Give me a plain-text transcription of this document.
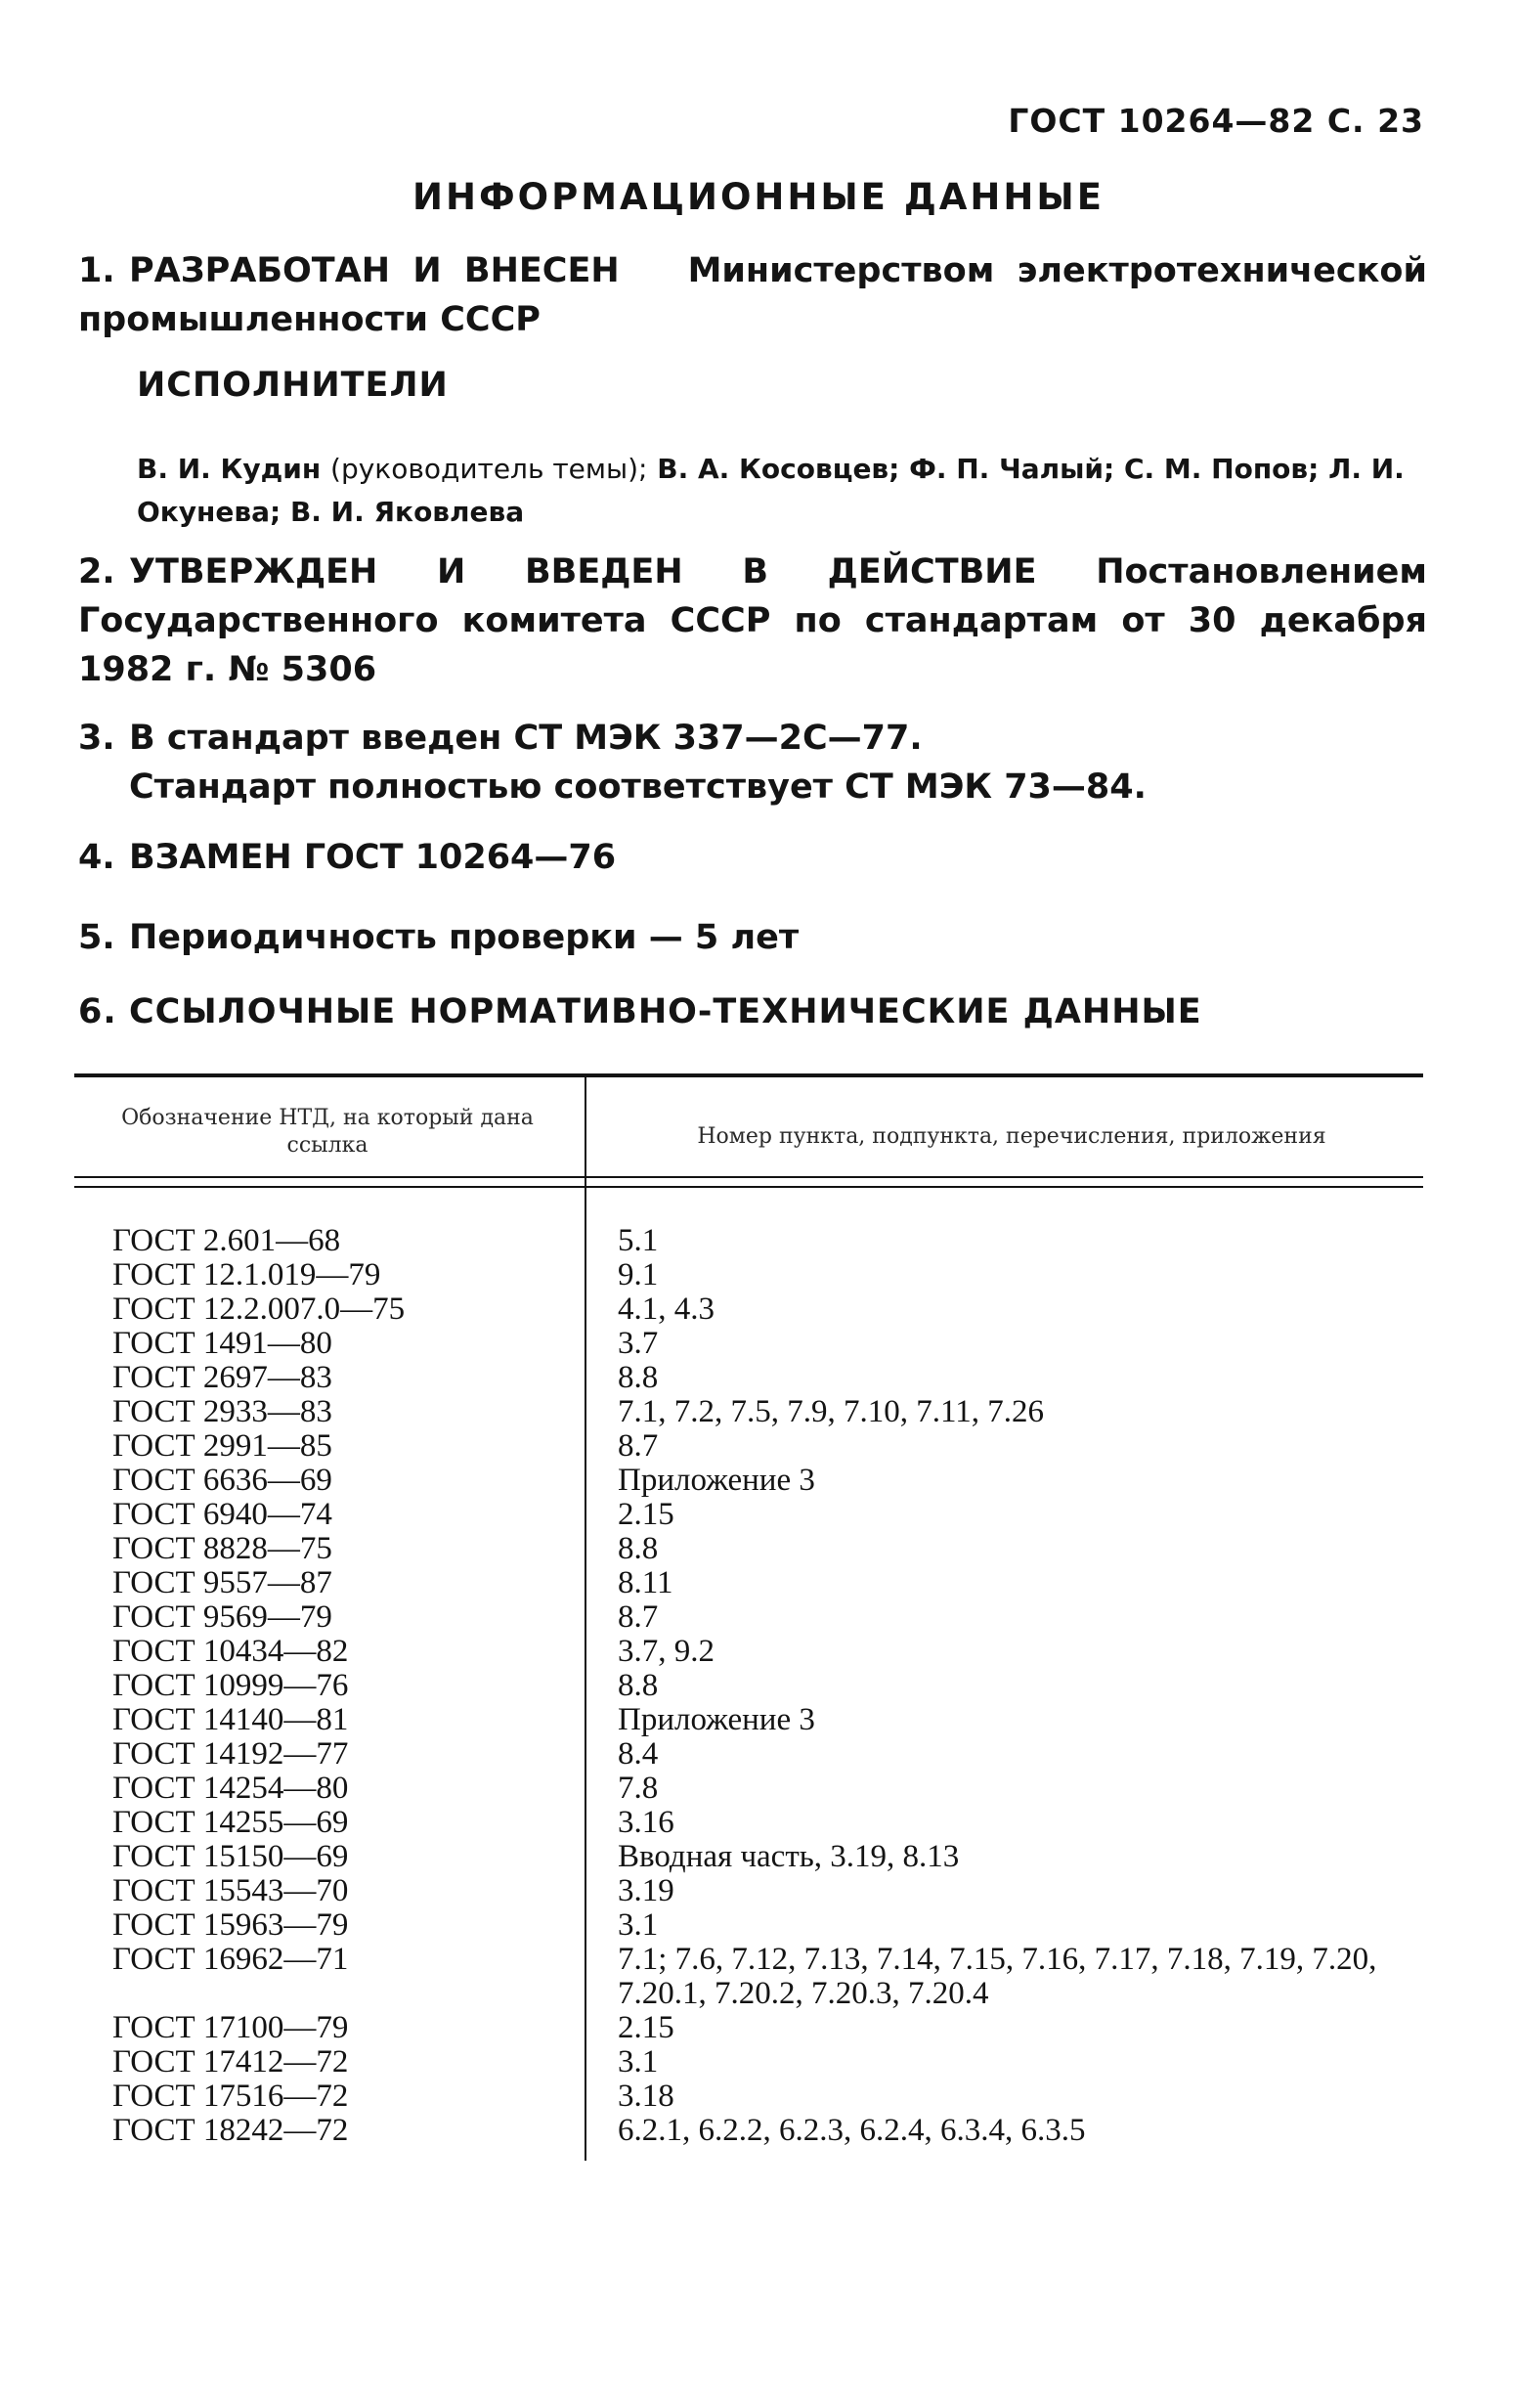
ГОСТ 10264—82 С. 23
ИНФОРМАЦИОННЫЕ ДАННЫЕ
1. РАЗРАБОТАН И ВНЕСЕН Министерством электротехнической промышленности СССР
ИСПОЛНИТЕЛИ
В. И. Кудин (руководитель темы); В. А. Косовцев; Ф. П. Чалый; С. М. Попов; Л. И. Окунева; В. И. Яковлева
2. УТВЕРЖДЕН И ВВЕДЕН В ДЕЙСТВИЕ Постановлением Государственного комитета СССР по стандартам от 30 декабря 1982 г. № 5306
3. В стандарт введен СТ МЭК 337—2С—77.
Стандарт полностью соответствует СТ МЭК 73—84.
4. ВЗАМЕН ГОСТ 10264—76
5. Периодичность проверки — 5 лет
6. ССЫЛОЧНЫЕ НОРМАТИВНО-ТЕХНИЧЕСКИЕ ДАННЫЕ
Обозначение НТД, на который дана ссылка	Номер пункта, подпункта, перечисления, приложения
ГОСТ 2.601—68	5.1
ГОСТ 12.1.019—79	9.1
ГОСТ 12.2.007.0—75	4.1, 4.3
ГОСТ 1491—80	3.7
ГОСТ 2697—83	8.8
ГОСТ 2933—83	7.1, 7.2, 7.5, 7.9, 7.10, 7.11, 7.26
ГОСТ 2991—85	8.7
ГОСТ 6636—69	Приложение 3
ГОСТ 6940—74	2.15
ГОСТ 8828—75	8.8
ГОСТ 9557—87	8.11
ГОСТ 9569—79	8.7
ГОСТ 10434—82	3.7, 9.2
ГОСТ 10999—76	8.8
ГОСТ 14140—81	Приложение 3
ГОСТ 14192—77	8.4
ГОСТ 14254—80	7.8
ГОСТ 14255—69	3.16
ГОСТ 15150—69	Вводная часть, 3.19, 8.13
ГОСТ 15543—70	3.19
ГОСТ 15963—79	3.1
ГОСТ 16962—71	7.1; 7.6, 7.12, 7.13, 7.14, 7.15, 7.16, 7.17, 7.18, 7.19, 7.20, 7.20.1, 7.20.2, 7.20.3, 7.20.4
ГОСТ 17100—79	2.15
ГОСТ 17412—72	3.1
ГОСТ 17516—72	3.18
ГОСТ 18242—72	6.2.1, 6.2.2, 6.2.3, 6.2.4, 6.3.4, 6.3.5
